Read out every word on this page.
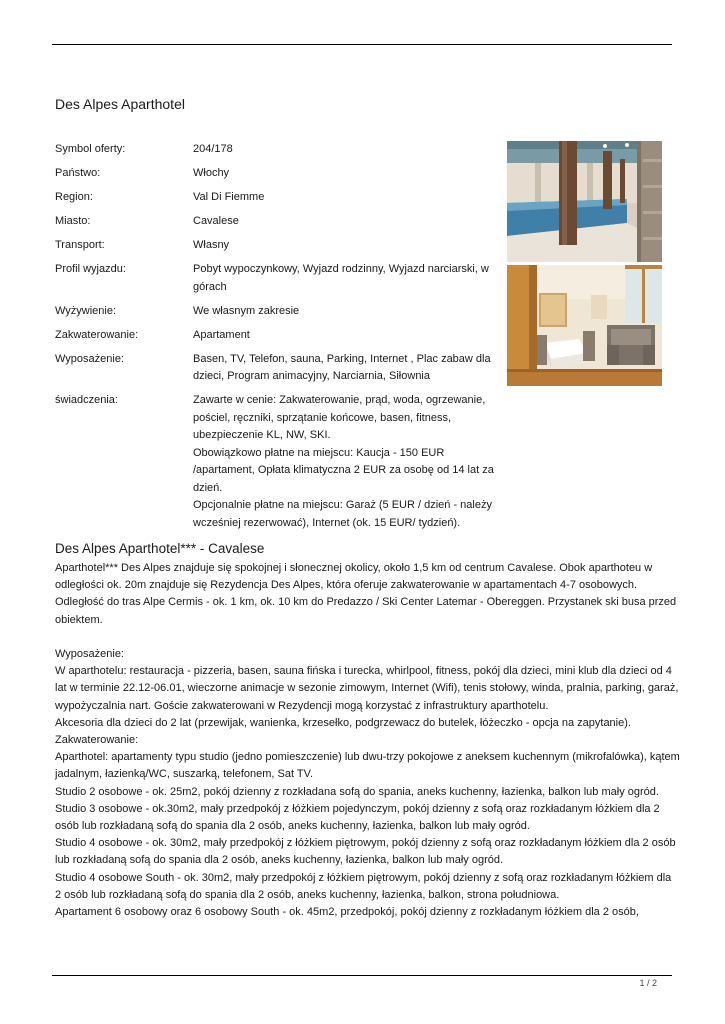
Des Alpes Aparthotel
Symbol oferty:	204/178
Państwo:	Włochy
Region:	Val Di Fiemme
Miasto:	Cavalese
Transport:	Własny
Profil wyjazdu:	Pobyt wypoczynkowy, Wyjazd rodzinny, Wyjazd narciarski, w górach
Wyżywienie:	We własnym zakresie
Zakwaterowanie:	Apartament
Wyposażenie:	Basen, TV, Telefon, sauna, Parking, Internet , Plac zabaw dla dzieci, Program animacyjny, Narciarnia, Siłownia
świadczenia:	Zawarte w cenie: Zakwaterowanie, prąd, woda, ogrzewanie, pościel, ręczniki, sprzątanie końcowe, basen, fitness, ubezpieczenie KL, NW, SKI.
Obowiązkowo płatne na miejscu: Kaucja - 150 EUR /apartament, Opłata klimatyczna 2 EUR za osobę od 14 lat za dzień.
Opcjonalnie płatne na miejscu: Garaż (5 EUR / dzień - należy wcześniej rezerwować), Internet (ok. 15 EUR/ tydzień).
Des Alpes Aparthotel*** - Cavalese

Aparthotel*** Des Alpes znajduje się spokojnej i słonecznej okolicy, około 1,5 km od centrum Cavalese. Obok aparthoteu w odległości ok. 20m znajduje się Rezydencja Des Alpes, która oferuje zakwaterowanie w apartamentach 4-7 osobowych. Odległość do tras Alpe Cermis - ok. 1 km, ok. 10 km do Predazzo / Ski Center Latemar - Obereggen. Przystanek ski busa przed obiektem.

Wyposażenie:

W aparthotelu: restauracja - pizzeria, basen, sauna fińska i turecka, whirlpool, fitness, pokój dla dzieci, mini klub dla dzieci od 4 lat w terminie 22.12-06.01, wieczorne animacje w sezonie zimowym, Internet (Wifi), tenis stołowy, winda, pralnia, parking, garaż, wypożyczalnia nart. Goście zakwaterowani w Rezydencji mogą korzystać z infrastruktury aparthotelu.

Akcesoria dla dzieci do 2 lat (przewijak, wanienka, krzesełko, podgrzewacz do butelek, łóżeczko - opcja na zapytanie).

Zakwaterowanie:

Aparthotel: apartamenty typu studio (jedno pomieszczenie) lub dwu-trzy pokojowe z aneksem kuchennym (mikrofalówka), kątem jadalnym, łazienką/WC, suszarką, telefonem, Sat TV.

Studio 2 osobowe - ok. 25m2, pokój dzienny z rozkładana sofą do spania, aneks kuchenny, łazienka, balkon lub mały ogród.

Studio 3 osobowe - ok.30m2, mały przedpokój z łóżkiem pojedynczym, pokój dzienny z sofą oraz rozkładanym łóżkiem dla 2 osób lub rozkładaną sofą do spania dla 2 osób, aneks kuchenny, łazienka, balkon lub mały ogród.

Studio 4 osobowe - ok. 30m2, mały przedpokój z łóżkiem piętrowym, pokój dzienny z sofą oraz rozkładanym łóżkiem dla 2 osób lub rozkładaną sofą do spania dla 2 osób, aneks kuchenny, łazienka, balkon lub mały ogród.

Studio 4 osobowe South - ok. 30m2, mały przedpokój z łóżkiem piętrowym, pokój dzienny z sofą oraz rozkładanym łóżkiem dla 2 osób lub rozkładaną sofą do spania dla 2 osób, aneks kuchenny, łazienka, balkon, strona południowa.

Apartament 6 osobowy oraz 6 osobowy South - ok. 45m2, przedpokój, pokój dzienny z rozkładanym łóżkiem dla 2 osób,

1 / 2
